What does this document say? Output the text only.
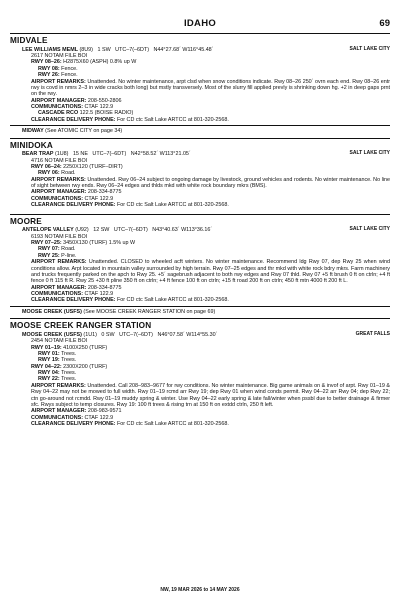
IDAHO	69
MIDVALE
LEE WILLIAMS MEML (8U9) 1 SW UTC–7(–6DT) N44°27.68´ W116°45.48´	SALT LAKE CITY
2617 NOTAM FILE BOI
RWY 08–26: H2875X60 (ASPH) 0.8% up W
RWY 08: Fence.
RWY 26: Fence.
AIRPORT REMARKS: Unattended. No winter maintenance, arpt clsd when snow conditions indicate. Rwy 08–26 250´ ovrn each end. Rwy 08–26 entr rwy is covd in nmrs 2–3 in wide cracks both long) but mstly transversely. Most of the slurry fill applied prevly is shrinking down hg. +2 in deep gaps prnt on the rwy.
AIRPORT MANAGER: 208-550-2806
COMMUNICATIONS: CTAF 122.9
CASCADE RCO 122.5 (BOISE RADIO)
CLEARANCE DELIVERY PHONE: For CD ctc Salt Lake ARTCC at 801-320-2568.
MIDWAY (See ATOMIC CITY on page 34)
MINIDOKA
BEAR TRAP (1U8) 15 NE UTC–7(–6DT) N42°58.52´ W113°21.05´	SALT LAKE CITY
4716 NOTAM FILE BOI
RWY 06–24: 2250X120 (TURF–DIRT)
RWY 06: Road.
AIRPORT REMARKS: Unattended. Rwy 06–24 subject to ongoing damage by livestock, ground vehicles and rodents. No winter maintenance. No line of sight between rwy ends. Rwy 06–24 edges and thlds mkd with white rock boundary mkrs (BMS).
AIRPORT MANAGER: 208-334-8775
COMMUNICATIONS: CTAF 122.9
CLEARANCE DELIVERY PHONE: For CD ctc Salt Lake ARTCC at 801-320-2568.
MOORE
ANTELOPE VALLEY (U92) 12 SW UTC–7(–6DT) N43°40.63´ W113°36.16´	SALT LAKE CITY
6193 NOTAM FILE BOI
RWY 07–25: 3450X130 (TURF) 1.5% up W
RWY 07: Road.
RWY 25: P-line.
AIRPORT REMARKS: Unattended. CLOSED to wheeled acft winters. No winter maintenance. Recommend ldg Rwy 07, dep Rwy 25 when wind conditions allow. Arpt located in mountain valley surrounded by high terrain. Rwy 07–25 edges and thr mkd with white rock bdry mkrs. Farm machinery and trucks frequently parked on the apch to Rwy 25. +5´ sagebrush adjacent to both rwy edges and Rwy 07 thld. Rwy 07 +5 ft brush 0 ft on ctrln; +4 ft fence 0 ft 115 ft R. Rwy 25 +30 ft pline 350 ft on ctrln; +4 ft fence 100 ft on ctrln; +15 ft road 200 ft on ctrln; 450 ft mtn 4000 ft 200 ft L.
AIRPORT MANAGER: 208-334-8775
COMMUNICATIONS: CTAF 122.9
CLEARANCE DELIVERY PHONE: For CD ctc Salt Lake ARTCC at 801-320-2568.
MOOSE CREEK (USFS) (See MOOSE CREEK RANGER STATION on page 69)
MOOSE CREEK RANGER STATION
MOOSE CREEK (USFS) (1U1) 0 SW UTC–7(–6DT) N46°07.58´ W114°55.30´	GREAT FALLS
2454 NOTAM FILE BOI
RWY 01–19: 4100X250 (TURF)
RWY 01: Trees.
RWY 19: Trees.
RWY 04–22: 2300X200 (TURF)
RWY 04: Trees.
RWY 22: Trees.
AIRPORT REMARKS: Unattended. Call 208–983–9677 for rwy conditions. No winter maintenance. Big game animals on & invof of arpt. Rwy 01–19 & Rwy 04–22 may not be mowed to full width. Rwy 01–19 rcmd arr Rwy 19; dep Rwy 01 when wind conds permit. Rwy 04–22 arr Rwy 04; dep Rwy 22; ctn go-around not rcmdd. Rwy 01–19 muddy spring & winter. Use Rwy 04–22 early spring & late fall/winter when pssbl due to better drainage & firmer sfc. Rwys subject to temp closures. Rwy 19: 100 ft trees & rising trn at 150 ft on extdd ctrln, 250 ft left.
AIRPORT MANAGER: 208-983-9571
COMMUNICATIONS: CTAF 122.9
CLEARANCE DELIVERY PHONE: For CD ctc Salt Lake ARTCC at 801-320-2568.
NW, 19 MAR 2026 to 14 MAY 2026
